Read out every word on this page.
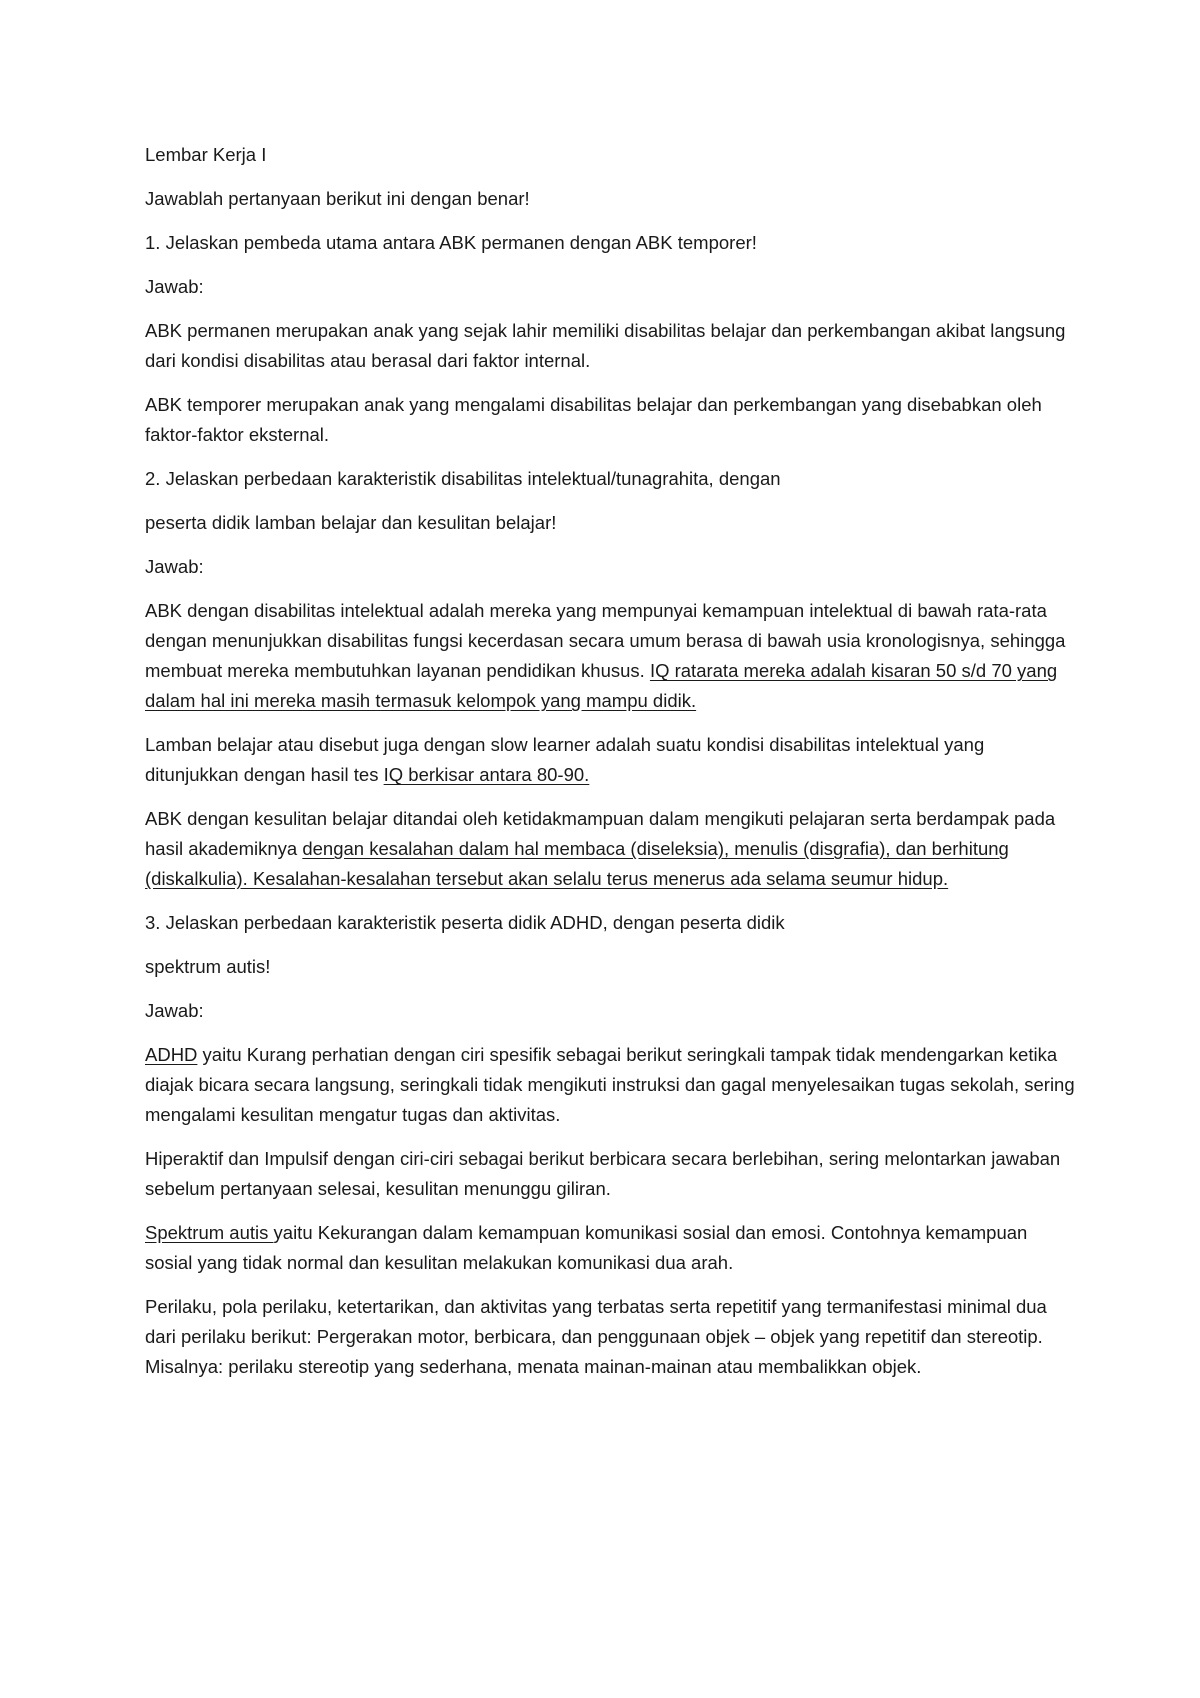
Lembar Kerja I

Jawablah pertanyaan berikut ini dengan benar!

1. Jelaskan pembeda utama antara ABK permanen dengan ABK temporer!

Jawab:

ABK permanen merupakan anak yang sejak lahir memiliki disabilitas belajar dan perkembangan akibat langsung dari kondisi disabilitas atau berasal dari faktor internal.

ABK temporer merupakan anak yang mengalami disabilitas belajar dan perkembangan yang disebabkan oleh faktor-faktor eksternal.

2. Jelaskan perbedaan karakteristik disabilitas intelektual/tunagrahita, dengan

peserta didik lamban belajar dan kesulitan belajar!

Jawab:

ABK dengan disabilitas intelektual adalah mereka yang mempunyai kemampuan intelektual di bawah rata-rata dengan menunjukkan disabilitas fungsi kecerdasan secara umum berasa di bawah usia kronologisnya, sehingga membuat mereka membutuhkan layanan pendidikan khusus. IQ ratarata mereka adalah kisaran 50 s/d 70 yang dalam hal ini mereka masih termasuk kelompok yang mampu didik.

Lamban belajar atau disebut juga dengan slow learner adalah suatu kondisi disabilitas intelektual yang ditunjukkan dengan hasil tes IQ berkisar antara 80-90.

ABK dengan kesulitan belajar ditandai oleh ketidakmampuan dalam mengikuti pelajaran serta berdampak pada hasil akademiknya dengan kesalahan dalam hal membaca (diseleksia), menulis (disgrafia), dan berhitung (diskalkulia). Kesalahan-kesalahan tersebut akan selalu terus menerus ada selama seumur hidup.

3. Jelaskan perbedaan karakteristik peserta didik ADHD, dengan peserta didik

spektrum autis!

Jawab:

ADHD yaitu Kurang perhatian dengan ciri spesifik sebagai berikut seringkali tampak tidak mendengarkan ketika diajak bicara secara langsung, seringkali tidak mengikuti instruksi dan gagal menyelesaikan tugas sekolah, sering mengalami kesulitan mengatur tugas dan aktivitas.

Hiperaktif dan Impulsif dengan ciri-ciri sebagai berikut berbicara secara berlebihan, sering melontarkan jawaban sebelum pertanyaan selesai, kesulitan menunggu giliran.

Spektrum autis yaitu Kekurangan dalam kemampuan komunikasi sosial dan emosi. Contohnya kemampuan sosial yang tidak normal dan kesulitan melakukan komunikasi dua arah.

Perilaku, pola perilaku, ketertarikan, dan aktivitas yang terbatas serta repetitif yang termanifestasi minimal dua dari perilaku berikut: Pergerakan motor, berbicara, dan penggunaan objek – objek yang repetitif dan stereotip. Misalnya: perilaku stereotip yang sederhana, menata mainan-mainan atau membalikkan objek.
